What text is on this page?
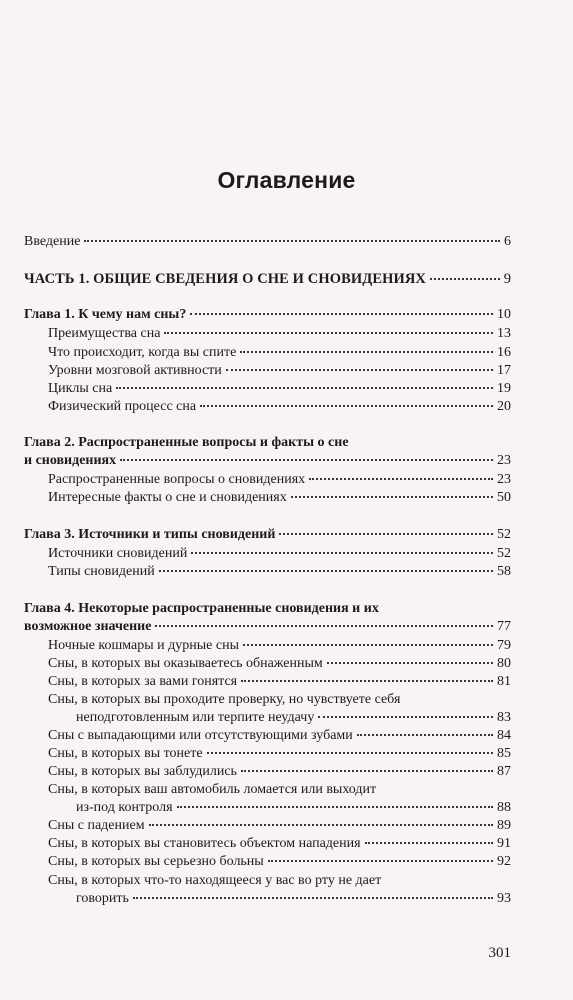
Оглавление
Введение	6
ЧАСТЬ 1. ОБЩИЕ СВЕДЕНИЯ О СНЕ И СНОВИДЕНИЯХ	9
Глава 1. К чему нам сны?	10
Преимущества сна	13
Что происходит, когда вы спите	16
Уровни мозговой активности	17
Циклы сна	19
Физический процесс сна	20
Глава 2. Распространенные вопросы и факты о сне
и сновидениях	23
Распространенные вопросы о сновидениях	23
Интересные факты о сне и сновидениях	50
Глава 3. Источники и типы сновидений	52
Источники сновидений	52
Типы сновидений	58
Глава 4. Некоторые распространенные сновидения и их
возможное значение	77
Ночные кошмары и дурные сны	79
Сны, в которых вы оказываетесь обнаженным	80
Сны, в которых за вами гонятся	81
Сны, в которых вы проходите проверку, но чувствуете себя
неподготовленным или терпите неудачу	83
Сны с выпадающими или отсутствующими зубами	84
Сны, в которых вы тонете	85
Сны, в которых вы заблудились	87
Сны, в которых ваш автомобиль ломается или выходит
из-под контроля	88
Сны с падением	89
Сны, в которых вы становитесь объектом нападения	91
Сны, в которых вы серьезно больны	92
Сны, в которых что-то находящееся у вас во рту не дает
говорить	93
301
